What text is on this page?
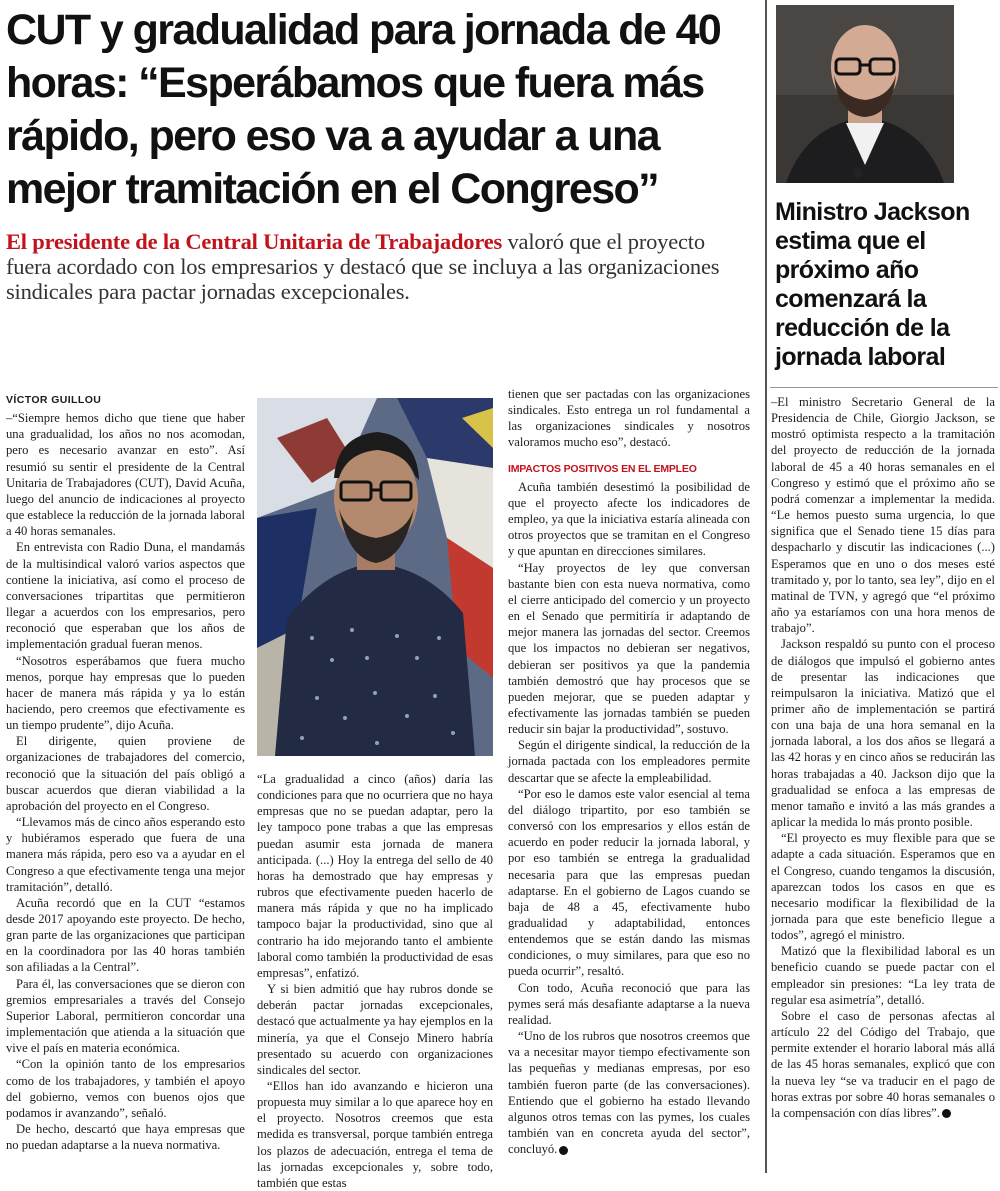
CUT y gradualidad para jornada de 40 horas: “Esperábamos que fuera más rápido, pero eso va a ayudar a una mejor tramitación en el Congreso”

El presidente de la Central Unitaria de Trabajadores valoró que el proyecto fuera acordado con los empresarios y destacó que se incluya a las organizaciones sindicales para pactar jornadas excepcionales.

VÍCTOR GUILLOU

–“Siempre hemos dicho que tiene que haber una gradualidad, los años no nos acomodan, pero es necesario avanzar en esto”. Así resumió su sentir el presidente de la Central Unitaria de Trabajadores (CUT), David Acuña, luego del anuncio de indicaciones al proyecto que establece la reducción de la jornada laboral a 40 horas semanales.

En entrevista con Radio Duna, el mandamás de la multisindical valoró varios aspectos que contiene la iniciativa, así como el proceso de conversaciones tripartitas que permitieron llegar a acuerdos con los empresarios, pero reconoció que esperaban que los años de implementación gradual fueran menos.

“Nosotros esperábamos que fuera mucho menos, porque hay empresas que lo pueden hacer de manera más rápida y ya lo están haciendo, pero creemos que efectivamente es un tiempo prudente”, dijo Acuña.

El dirigente, quien proviene de organizaciones de trabajadores del comercio, reconoció que la situación del país obligó a buscar acuerdos que dieran viabilidad a la aprobación del proyecto en el Congreso.

“Llevamos más de cinco años esperando esto y hubiéramos esperado que fuera de una manera más rápida, pero eso va a ayudar en el Congreso a que efectivamente tenga una mejor tramitación”, detalló.

Acuña recordó que en la CUT “estamos desde 2017 apoyando este proyecto. De hecho, gran parte de las organizaciones que participan en la coordinadora por las 40 horas también son afiliadas a la Central”.

Para él, las conversaciones que se dieron con gremios empresariales a través del Consejo Superior Laboral, permitieron concordar una implementación que atienda a la situación que vive el país en materia económica.

“Con la opinión tanto de los empresarios como de los trabajadores, y también el apoyo del gobierno, vemos con buenos ojos que podamos ir avanzando”, señaló.

De hecho, descartó que haya empresas que no puedan adaptarse a la nueva normativa.

“La gradualidad a cinco (años) daría las condiciones para que no ocurriera que no haya empresas que no se puedan adaptar, pero la ley tampoco pone trabas a que las empresas puedan asumir esta jornada de manera anticipada. (...) Hoy la entrega del sello de 40 horas ha demostrado que hay empresas y rubros que efectivamente pueden hacerlo de manera más rápida y que no ha implicado tampoco bajar la productividad, sino que al contrario ha ido mejorando tanto el ambiente laboral como también la productividad de esas empresas”, enfatizó.

Y si bien admitió que hay rubros donde se deberán pactar jornadas excepcionales, destacó que actualmente ya hay ejemplos en la minería, ya que el Consejo Minero habría presentado su acuerdo con organizaciones sindicales del sector.

“Ellos han ido avanzando e hicieron una propuesta muy similar a lo que aparece hoy en el proyecto. Nosotros creemos que esta medida es transversal, porque también entrega los plazos de adecuación, entrega el tema de las jornadas excepcionales y, sobre todo, también que estas

tienen que ser pactadas con las organizaciones sindicales. Esto entrega un rol fundamental a las organizaciones sindicales y nosotros valoramos mucho eso”, destacó.

IMPACTOS POSITIVOS EN EL EMPLEO

Acuña también desestimó la posibilidad de que el proyecto afecte los indicadores de empleo, ya que la iniciativa estaría alineada con otros proyectos que se tramitan en el Congreso y que apuntan en direcciones similares.

“Hay proyectos de ley que conversan bastante bien con esta nueva normativa, como el cierre anticipado del comercio y un proyecto en el Senado que permitiría ir adaptando de mejor manera las jornadas del sector. Creemos que los impactos no debieran ser negativos, debieran ser positivos ya que la pandemia también demostró que hay procesos que se pueden mejorar, que se pueden adaptar y efectivamente las jornadas también se pueden reducir sin bajar la productividad”, sostuvo.

Según el dirigente sindical, la reducción de la jornada pactada con los empleadores permite descartar que se afecte la empleabilidad.

“Por eso le damos este valor esencial al tema del diálogo tripartito, por eso también se conversó con los empresarios y ellos están de acuerdo en poder reducir la jornada laboral, y por eso también se entrega la gradualidad necesaria para que las empresas puedan adaptarse. En el gobierno de Lagos cuando se baja de 48 a 45, efectivamente hubo gradualidad y adaptabilidad, entonces entendemos que se están dando las mismas condiciones, o muy similares, para que eso no pueda ocurrir”, resaltó.

Con todo, Acuña reconoció que para las pymes será más desafiante adaptarse a la nueva realidad.

“Uno de los rubros que nosotros creemos que va a necesitar mayor tiempo efectivamente son las pequeñas y medianas empresas, por eso también fueron parte (de las conversaciones). Entiendo que el gobierno ha estado llevando algunos otros temas con las pymes, los cuales también van en concreta ayuda del sector”, concluyó.

Ministro Jackson estima que el próximo año comenzará la reducción de la jornada laboral

–El ministro Secretario General de la Presidencia de Chile, Giorgio Jackson, se mostró optimista respecto a la tramitación del proyecto de reducción de la jornada laboral de 45 a 40 horas semanales en el Congreso y estimó que el próximo año se podrá comenzar a implementar la medida. “Le hemos puesto suma urgencia, lo que significa que el Senado tiene 15 días para despacharlo y discutir las indicaciones (...) Esperamos que en uno o dos meses esté tramitado y, por lo tanto, sea ley”, dijo en el matinal de TVN, y agregó que “el próximo año ya estaríamos con una hora menos de trabajo”.

Jackson respaldó su punto con el proceso de diálogos que impulsó el gobierno antes de presentar las indicaciones que reimpulsaron la iniciativa. Matizó que el primer año de implementación se partirá con una baja de una hora semanal en la jornada laboral, a los dos años se llegará a las 42 horas y en cinco años se reducirán las horas trabajadas a 40. Jackson dijo que la gradualidad se enfoca a las empresas de menor tamaño e invitó a las más grandes a aplicar la medida lo más pronto posible.

“El proyecto es muy flexible para que se adapte a cada situación. Esperamos que en el Congreso, cuando tengamos la discusión, aparezcan todos los casos en que es necesario modificar la flexibilidad de la jornada para que este beneficio llegue a todos”, agregó el ministro.

Matizó que la flexibilidad laboral es un beneficio cuando se puede pactar con el empleador sin presiones: “La ley trata de regular esa asimetría”, detalló.

Sobre el caso de personas afectas al artículo 22 del Código del Trabajo, que permite extender el horario laboral más allá de las 45 horas semanales, explicó que con la nueva ley “se va traducir en el pago de horas extras por sobre 40 horas semanales o la compensación con días libres”.
